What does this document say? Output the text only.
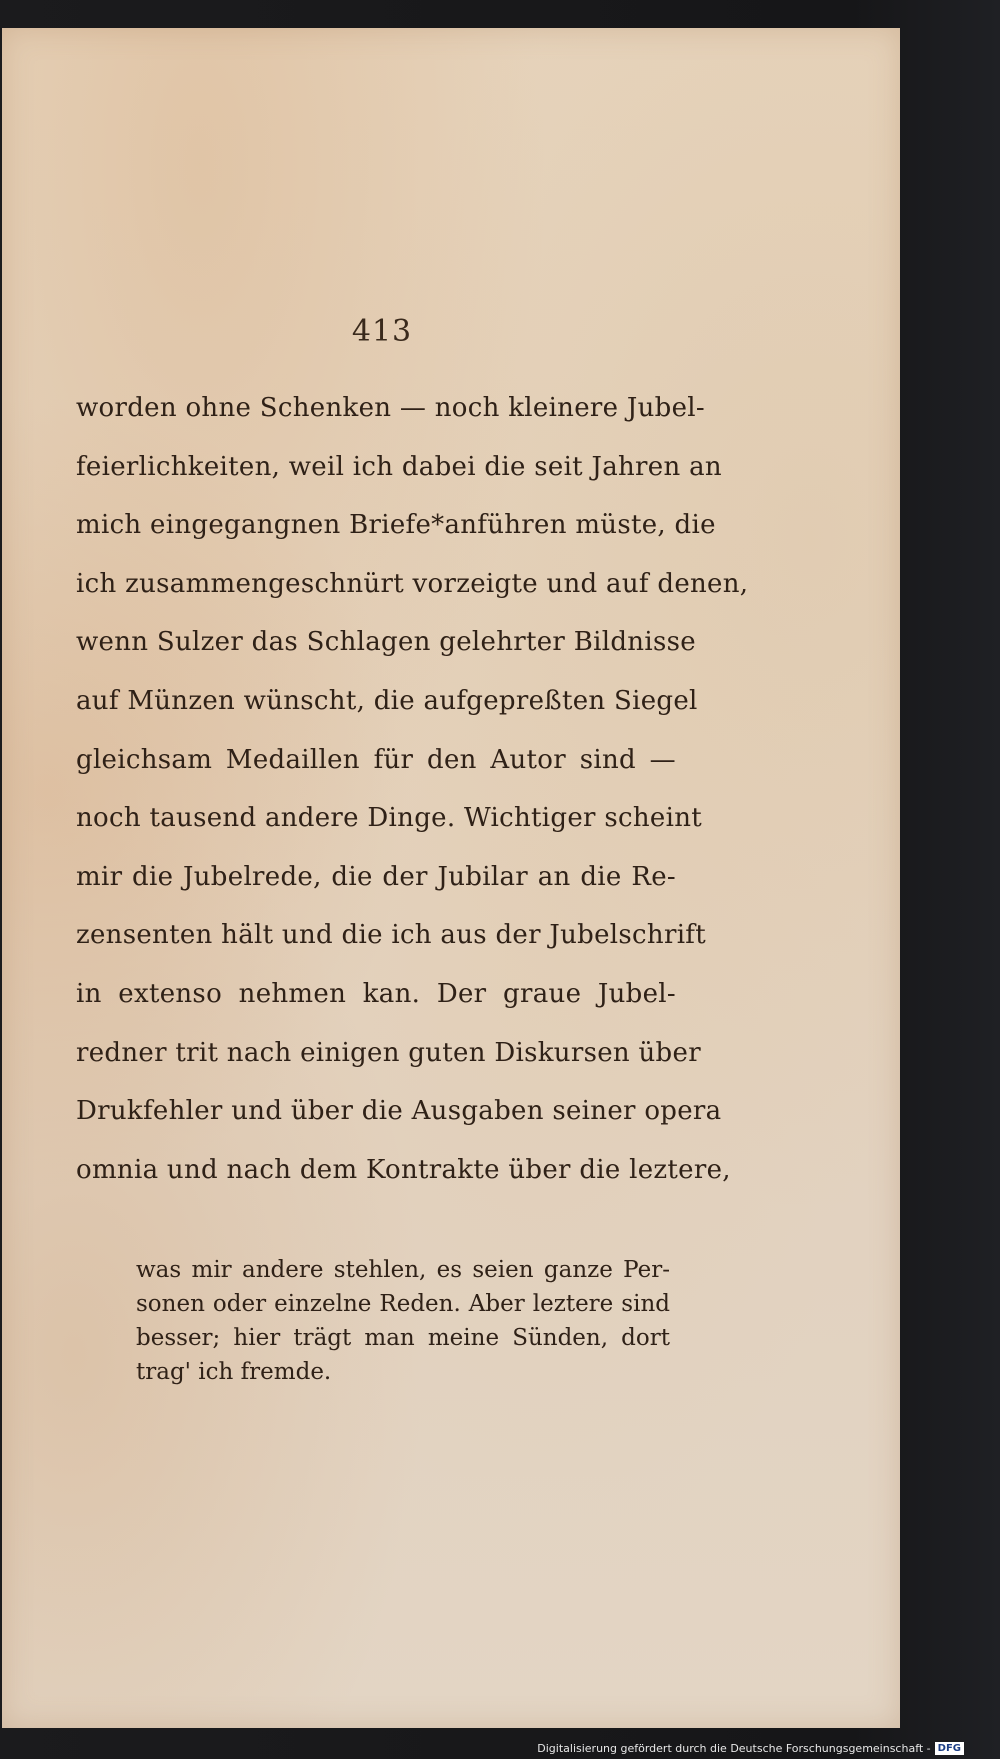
413
worden ohne Schenken — noch kleinere Jubel-
feierlichkeiten, weil ich dabei die seit Jahren an
mich eingegangnen Briefe*anführen müste, die
ich zusammengeschnürt vorzeigte und auf denen,
wenn Sulzer das Schlagen gelehrter Bildnisse
auf Münzen wünscht, die aufgepreßten Siegel
gleichsam Medaillen für den Autor sind —
noch tausend andere Dinge. Wichtiger scheint
mir die Jubelrede, die der Jubilar an die Re-
zensenten hält und die ich aus der Jubelschrift
in extenso nehmen kan. Der graue Jubel-
redner trit nach einigen guten Diskursen über
Drukfehler und über die Ausgaben seiner opera
omnia und nach dem Kontrakte über die leztere,
was mir andere stehlen, es seien ganze Per-
sonen oder einzelne Reden. Aber leztere sind
besser; hier trägt man meine Sünden, dort
trag' ich fremde.
Digitalisierung gefördert durch die Deutsche Forschungsgemeinschaft - DFG
